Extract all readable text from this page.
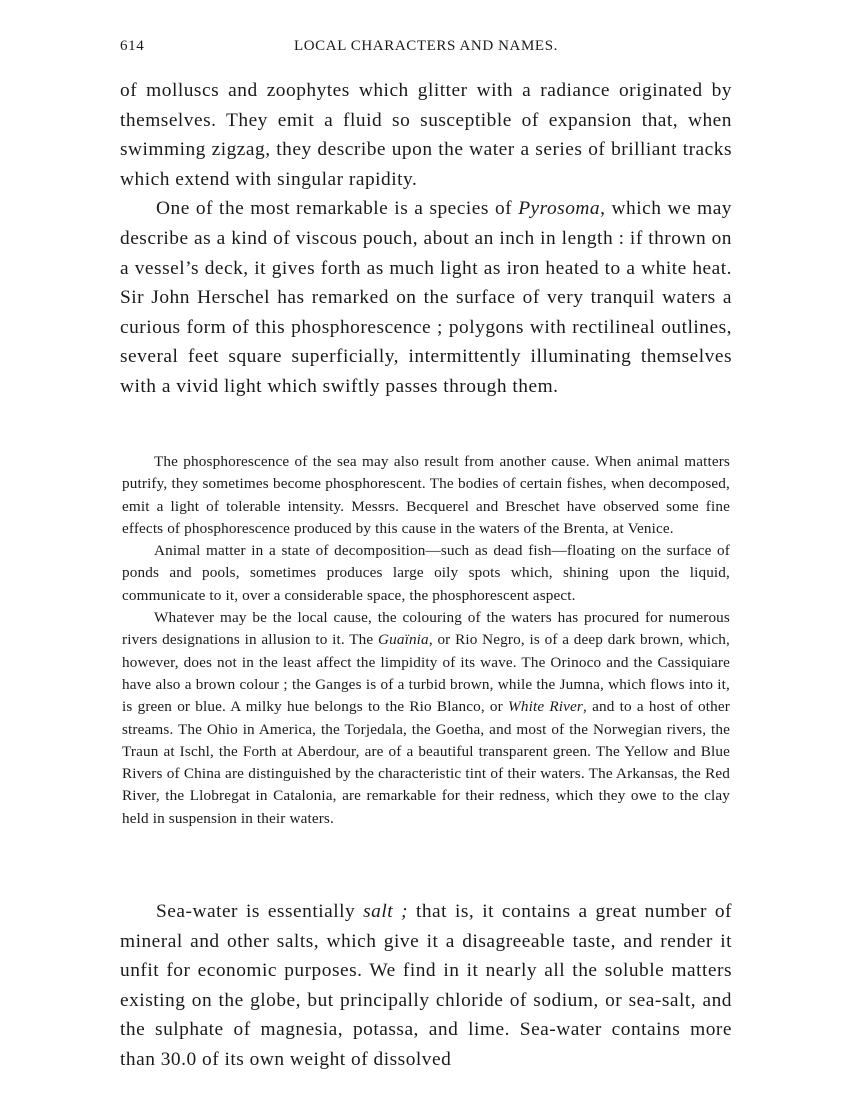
614	LOCAL CHARACTERS AND NAMES.

of molluscs and zoophytes which glitter with a radiance originated by themselves. They emit a fluid so susceptible of expansion that, when swimming zigzag, they describe upon the water a series of brilliant tracks which extend with singular rapidity.

One of the most remarkable is a species of Pyrosoma, which we may describe as a kind of viscous pouch, about an inch in length : if thrown on a vessel’s deck, it gives forth as much light as iron heated to a white heat. Sir John Herschel has remarked on the surface of very tranquil waters a curious form of this phosphorescence ; polygons with rectilineal outlines, several feet square superficially, intermittently illuminating themselves with a vivid light which swiftly passes through them.

The phosphorescence of the sea may also result from another cause. When animal matters putrify, they sometimes become phosphorescent. The bodies of certain fishes, when decomposed, emit a light of tolerable intensity. Messrs. Becquerel and Breschet have observed some fine effects of phosphorescence produced by this cause in the waters of the Brenta, at Venice.

Animal matter in a state of decomposition—such as dead fish—floating on the surface of ponds and pools, sometimes produces large oily spots which, shining upon the liquid, communicate to it, over a considerable space, the phosphorescent aspect.

Whatever may be the local cause, the colouring of the waters has procured for numerous rivers designations in allusion to it. The Guaïnia, or Rio Negro, is of a deep dark brown, which, however, does not in the least affect the limpidity of its wave. The Orinoco and the Cassiquiare have also a brown colour ; the Ganges is of a turbid brown, while the Jumna, which flows into it, is green or blue. A milky hue belongs to the Rio Blanco, or White River, and to a host of other streams. The Ohio in America, the Torjedala, the Goetha, and most of the Norwegian rivers, the Traun at Ischl, the Forth at Aberdour, are of a beautiful transparent green. The Yellow and Blue Rivers of China are distinguished by the characteristic tint of their waters. The Arkansas, the Red River, the Llobregat in Catalonia, are remarkable for their redness, which they owe to the clay held in suspension in their waters.

Sea-water is essentially salt ; that is, it contains a great number of mineral and other salts, which give it a disagreeable taste, and render it unfit for economic purposes. We find in it nearly all the soluble matters existing on the globe, but principally chloride of sodium, or sea-salt, and the sulphate of magnesia, potassa, and lime. Sea-water contains more than 30.0 of its own weight of dissolved
